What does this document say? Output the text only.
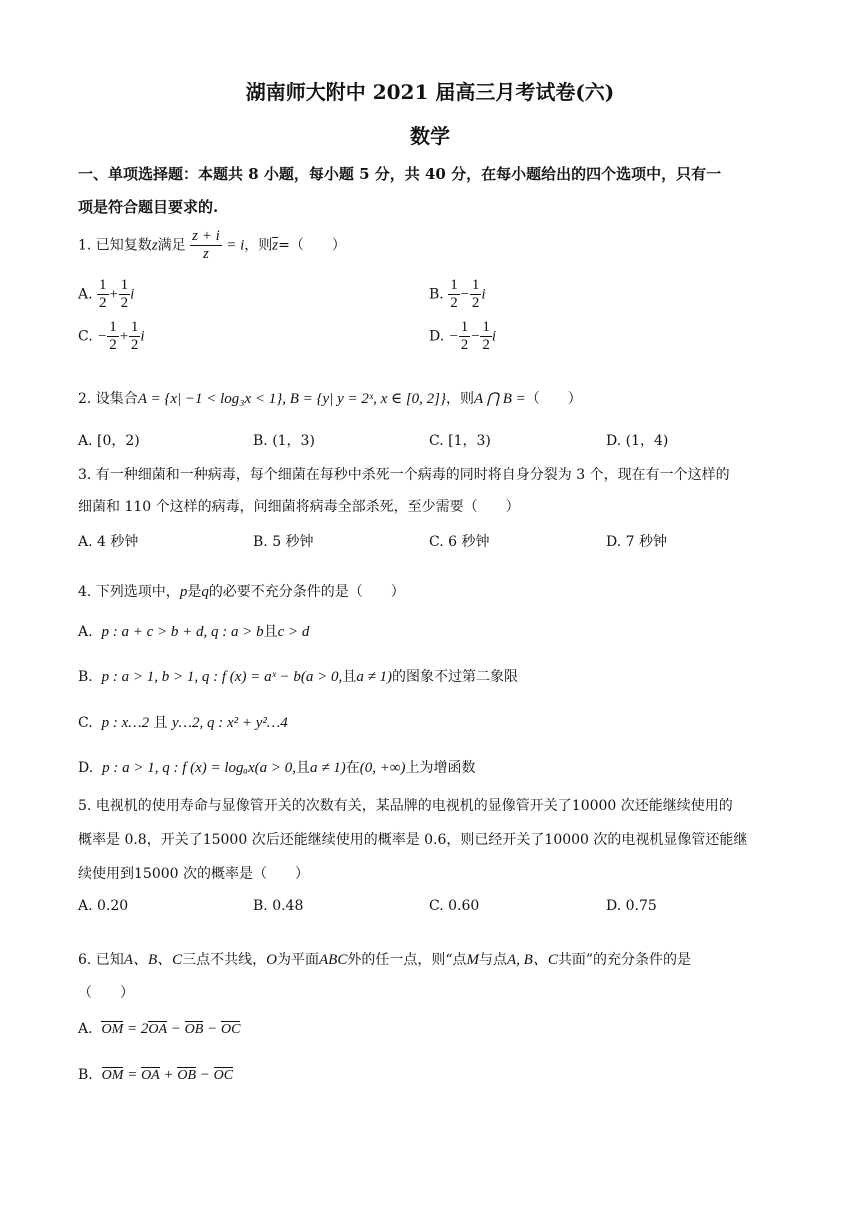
湖南师大附中 2021 届高三月考试卷(六)
数学
一、单项选择题：本题共 8 小题，每小题 5 分，共 40 分，在每小题给出的四个选项中，只有一
项是符合题目要求的.
1. 已知复数z满足 $\frac{z + i}{z} = i$，则$\overline{z}=$（　　）
A. $\frac{1}{2} + \frac{1}{2}$ i	B. $\frac{1}{2} - \frac{1}{2}$ i
C. − $\frac{1}{2} + \frac{1}{2}$ i	D. − $\frac{1}{2} - \frac{1}{2}$ i
2. 设集合A = {x| −1 < log₃x < 1}, B = {y| y = 2ˣ, x ∈ [0, 2]}，则A ⋂ B =（　　）
A. [0，2)	B. (1，3)	C. [1，3)	D. (1，4)
3. 有一种细菌和一种病毒，每个细菌在每秒中杀死一个病毒的同时将自身分裂为 3 个，现在有一个这样的
细菌和 110 个这样的病毒，问细菌将病毒全部杀死，至少需要（　　）
A. 4 秒钟	B. 5 秒钟	C. 6 秒钟	D. 7 秒钟
4. 下列选项中，p是q的必要不充分条件的是（　　）
A. p : a + c > b + d, q : a > b且c > d
B. p : a > 1, b > 1, q : f (x) = aˣ − b(a > 0,且a ≠ 1)的图象不过第二象限
C. p : x…2 且 y…2, q : x² + y²…4
D. p : a > 1, q : f (x) = logₐx(a > 0,且a ≠ 1)在(0, +∞)上为增函数
5. 电视机的使用寿命与显像管开关的次数有关，某品牌的电视机的显像管开关了10000 次还能继续使用的
概率是 0.8，开关了15000 次后还能继续使用的概率是 0.6，则已经开关了10000 次的电视机显像管还能继
续使用到15000 次的概率是（　　）
A. 0.20	B. 0.48	C. 0.60	D. 0.75
6. 已知A、B、C三点不共线，O为平面ABC外的任一点，则“点M与点A, B、C共面”的充分条件的是
（　　）
A. OM = 2OA − OB − OC
B. OM = OA + OB − OC
